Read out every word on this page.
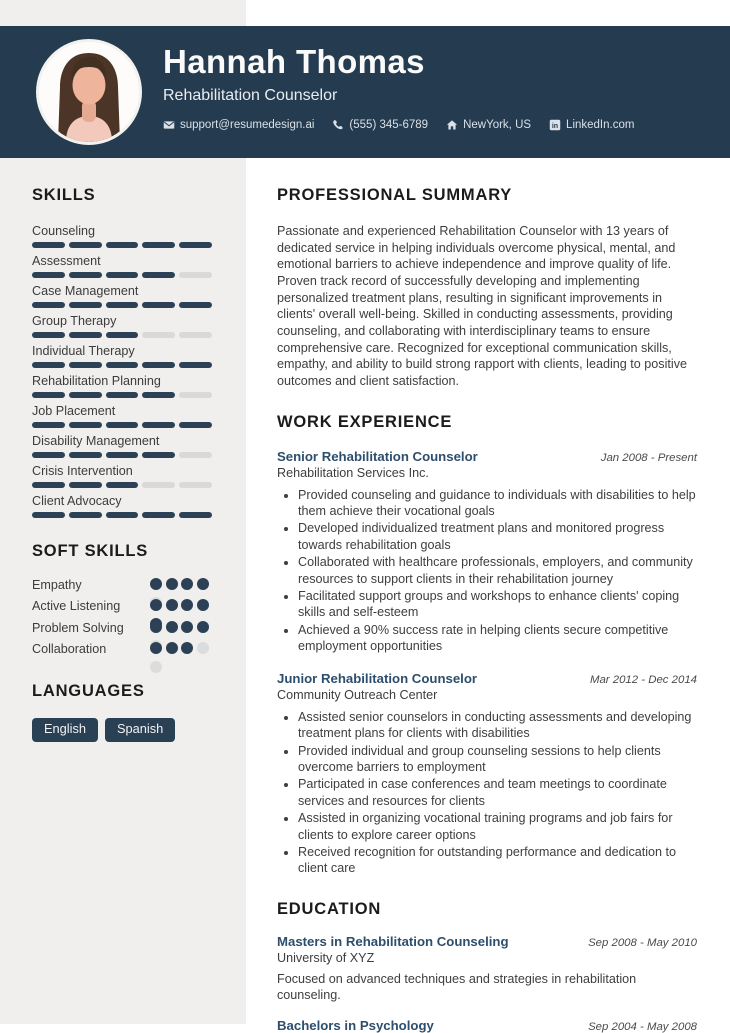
Hannah Thomas
Rehabilitation Counselor
support@resumedesign.ai	(555) 345-6789	NewYork, US in LinkedIn.com
SKILLS
Counseling
Assessment
Case Management
Group Therapy
Individual Therapy
Rehabilitation Planning
Job Placement
Disability Management
Crisis Intervention
Client Advocacy
SOFT SKILLS
Empathy
Active Listening
Problem Solving
Collaboration
LANGUAGES
English	Spanish
PROFESSIONAL SUMMARY

Passionate and experienced Rehabilitation Counselor with 13 years of dedicated service in helping individuals overcome physical, mental, and emotional barriers to achieve independence and improve quality of life. Proven track record of successfully developing and implementing personalized treatment plans, resulting in significant improvements in clients' overall well-being. Skilled in conducting assessments, providing counseling, and collaborating with interdisciplinary teams to ensure comprehensive care. Recognized for exceptional communication skills, empathy, and ability to build strong rapport with clients, leading to positive outcomes and client satisfaction.

WORK EXPERIENCE
Senior Rehabilitation Counselor	Jan 2008 - Present
Rehabilitation Services Inc.
• Provided counseling and guidance to individuals with disabilities to help them achieve their vocational goals
• Developed individualized treatment plans and monitored progress towards rehabilitation goals
• Collaborated with healthcare professionals, employers, and community resources to support clients in their rehabilitation journey
• Facilitated support groups and workshops to enhance clients' coping skills and self-esteem
• Achieved a 90% success rate in helping clients secure competitive employment opportunities
Junior Rehabilitation Counselor	Mar 2012 - Dec 2014
Community Outreach Center
• Assisted senior counselors in conducting assessments and developing treatment plans for clients with disabilities
• Provided individual and group counseling sessions to help clients overcome barriers to employment
• Participated in case conferences and team meetings to coordinate services and resources for clients
• Assisted in organizing vocational training programs and job fairs for clients to explore career options
• Received recognition for outstanding performance and dedication to client care
EDUCATION
Masters in Rehabilitation Counseling	Sep 2008 - May 2010
University of XYZ

Focused on advanced techniques and strategies in rehabilitation counseling.

Bachelors in Psychology	Sep 2004 - May 2008
